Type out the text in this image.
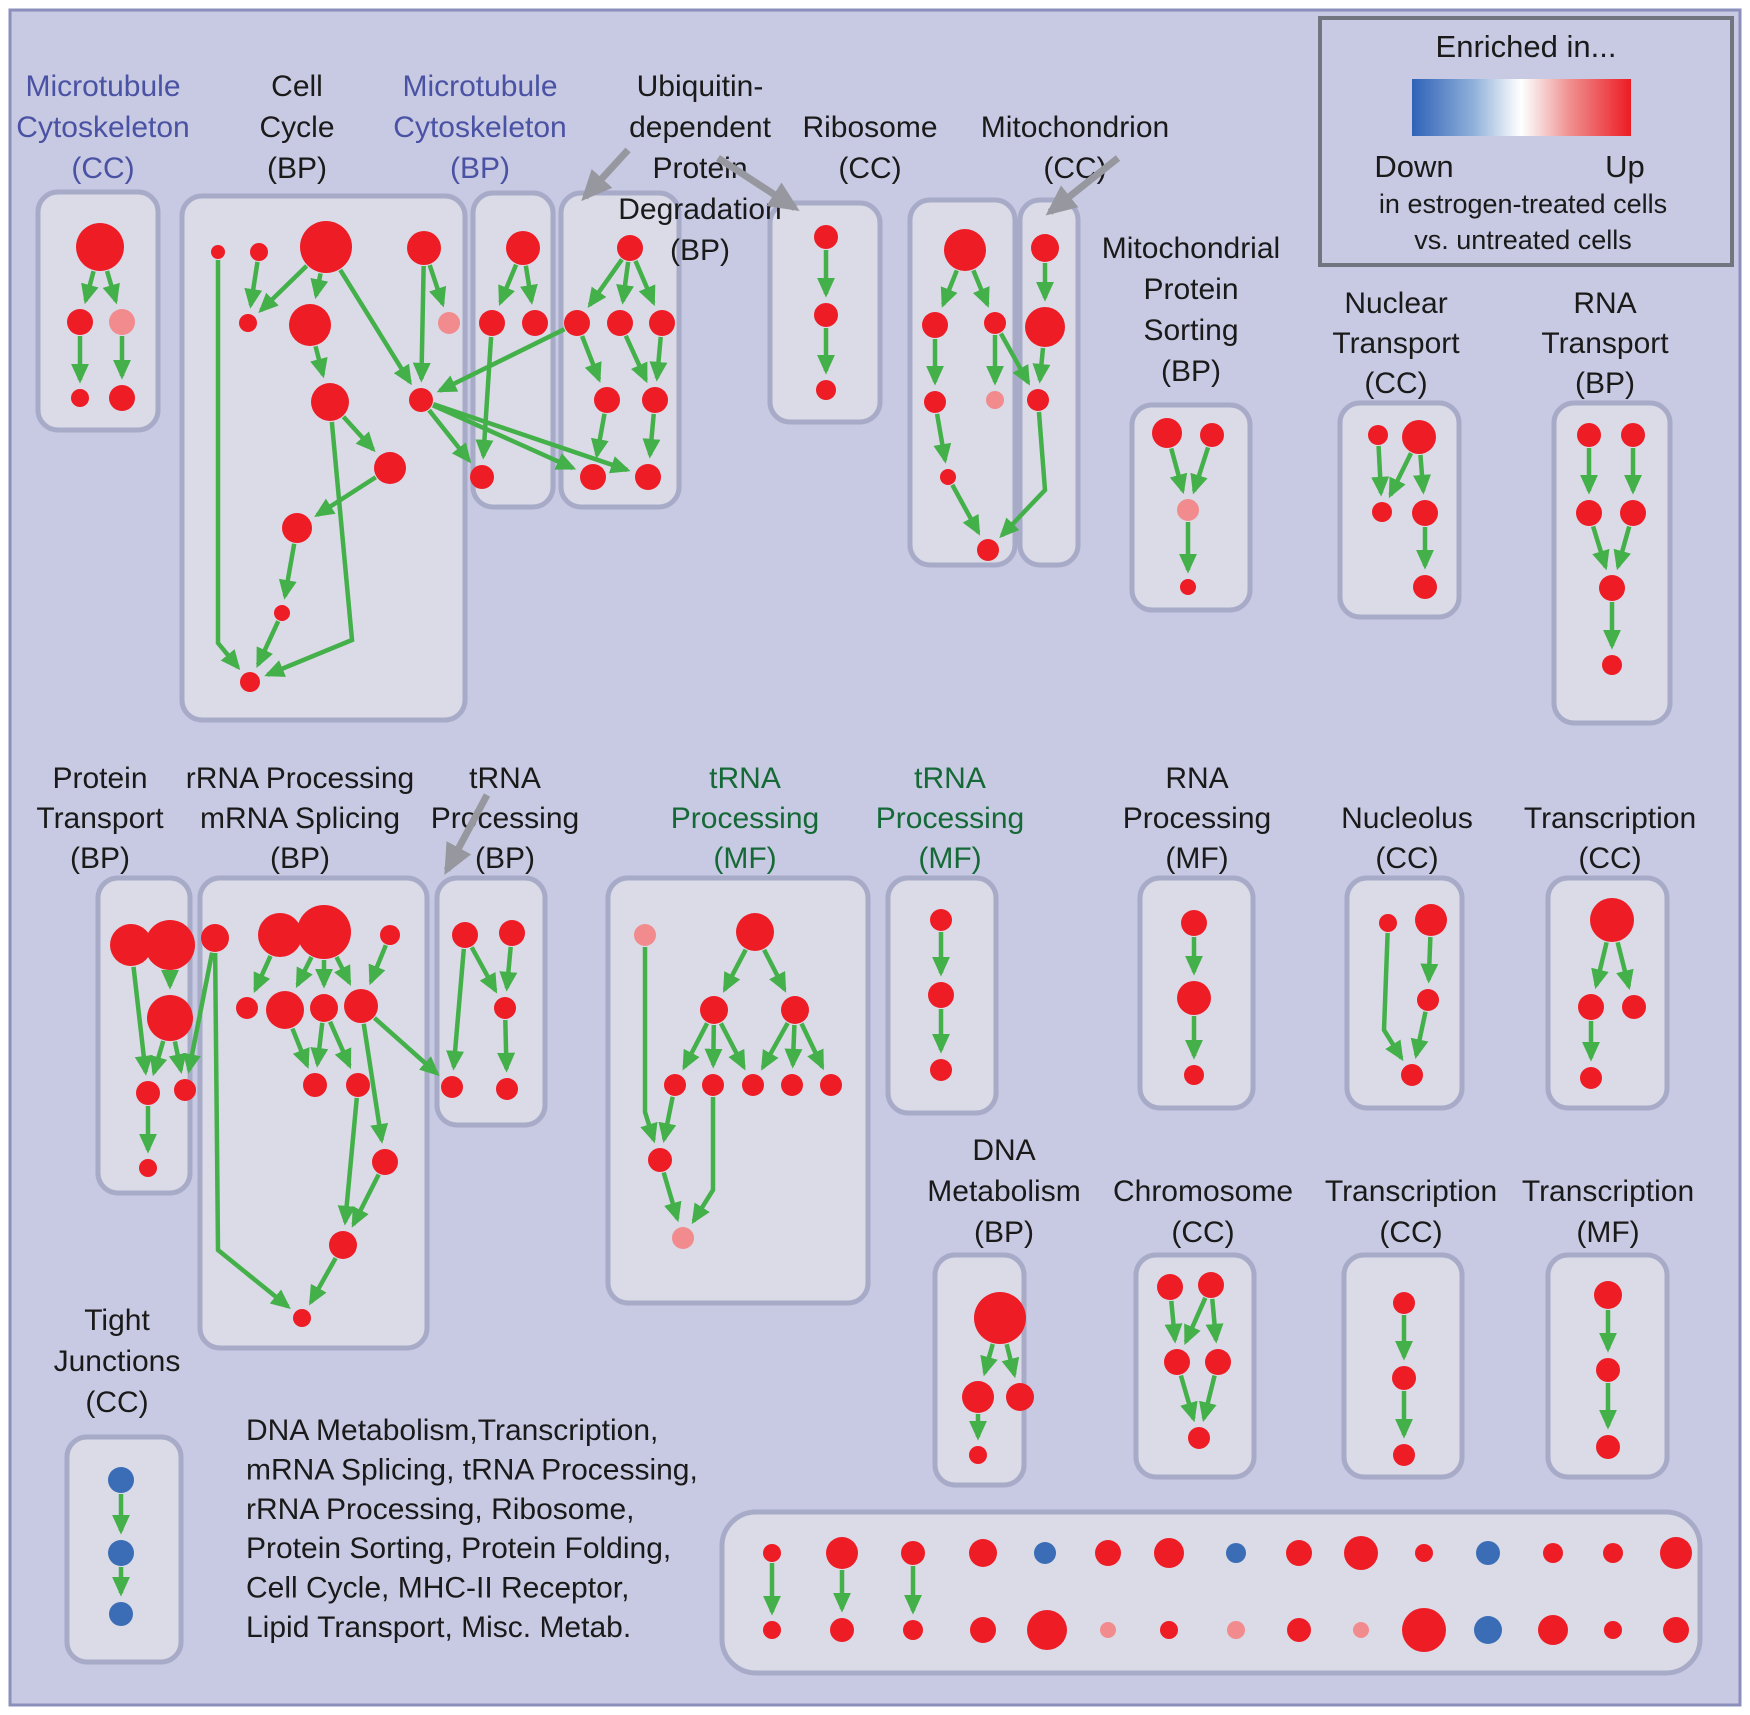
Microtubule Cytoskeleton (CC)
Cell Cycle (BP)
Microtubule Cytoskeleton (BP)
Ubiquitin-dependent Protein Degradation (BP)
Ribosome (CC)
Mitochondrion (CC)
Mitochondrial Protein Sorting (BP)
Nuclear Transport (CC)
RNA Transport (BP)
Protein Transport (BP)
rRNA Processing mRNA Splicing (BP)
tRNA Processing (BP)
tRNA Processing (MF)
tRNA Processing (MF)
RNA Processing (MF)
Nucleolus (CC)
Transcription (CC)
DNA Metabolism (BP)
Chromosome (CC)
Transcription (CC)
Transcription (MF)
Tight Junctions (CC)
Enriched in...
Down	Up
in estrogen-treated cells
vs. untreated cells
DNA Metabolism,Transcription,
mRNA Splicing, tRNA Processing,
rRNA Processing, Ribosome,
Protein Sorting, Protein Folding,
Cell Cycle, MHC-II Receptor,
Lipid Transport, Misc. Metab.
